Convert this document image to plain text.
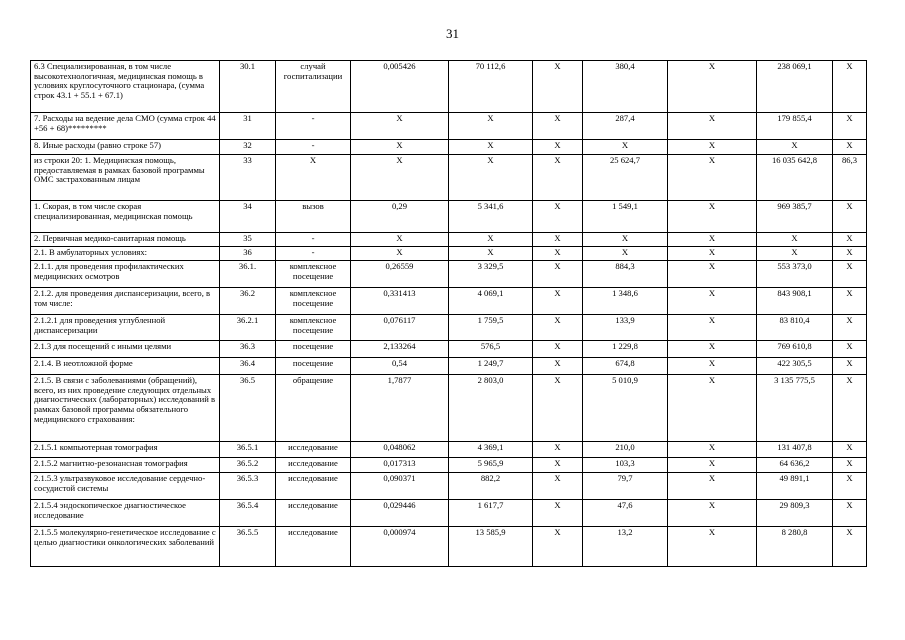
31
6.3 Специализированная, в том числе высокотехнологичная, медицинская помощь в условиях круглосуточного стационара, (сумма строк 43.1 + 55.1 + 67.1)	30.1	случай госпитализации	0,005426	70 112,6	X	380,4	X	238 069,1	X
7. Расходы на ведение дела СМО (сумма строк 44 +56 + 68)*********	31	-	X	X	X	287,4	X	179 855,4	X
8. Иные расходы (равно строке 57)	32	-	X	X	X	X	X	X	X
из строки 20: 1. Медицинская помощь, предоставляемая в рамках базовой программы ОМС застрахованным лицам	33	X	X	X	X	25 624,7	X	16 035 642,8	86,3
1. Скорая, в том числе скорая специализированная, медицинская помощь	34	вызов	0,29	5 341,6	X	1 549,1	X	969 385,7	X
2. Первичная медико-санитарная помощь	35	-	X	X	X	X	X	X	X
2.1. В амбулаторных условиях:	36	-	X	X	X	X	X	X	X
2.1.1. для проведения профилактических медицинских осмотров	36.1.	комплексное посещение	0,26559	3 329,5	X	884,3	X	553 373,0	X
2.1.2. для проведения диспансеризации, всего, в том числе:	36.2	комплексное посещение	0,331413	4 069,1	X	1 348,6	X	843 908,1	X
2.1.2.1 для проведения углубленной диспансеризации	36.2.1	комплексное посещение	0,076117	1 759,5	X	133,9	X	83 810,4	X
2.1.3 для посещений с иными целями	36.3	посещение	2,133264	576,5	X	1 229,8	X	769 610,8	X
2.1.4. В неотложной форме	36.4	посещение	0,54	1 249,7	X	674,8	X	422 305,5	X
2.1.5. В связи с заболеваниями (обращений), всего, из них проведение следующих отдельных диагностических (лабораторных) исследований в рамках базовой программы обязательного медицинского страхования:	36.5	обращение	1,7877	2 803,0	X	5 010,9	X	3 135 775,5	X
2.1.5.1 компьютерная томография	36.5.1	исследование	0,048062	4 369,1	X	210,0	X	131 407,8	X
2.1.5.2 магнитно-резонансная томография	36.5.2	исследование	0,017313	5 965,9	X	103,3	X	64 636,2	X
2.1.5.3 ультразвуковое исследование сердечно-сосудистой системы	36.5.3	исследование	0,090371	882,2	X	79,7	X	49 891,1	X
2.1.5.4 эндоскопическое диагностическое исследование	36.5.4	исследование	0,029446	1 617,7	X	47,6	X	29 809,3	X
2.1.5.5 молекулярно-генетическое исследование с целью диагностики онкологических заболеваний	36.5.5	исследование	0,000974	13 585,9	X	13,2	X	8 280,8	X
